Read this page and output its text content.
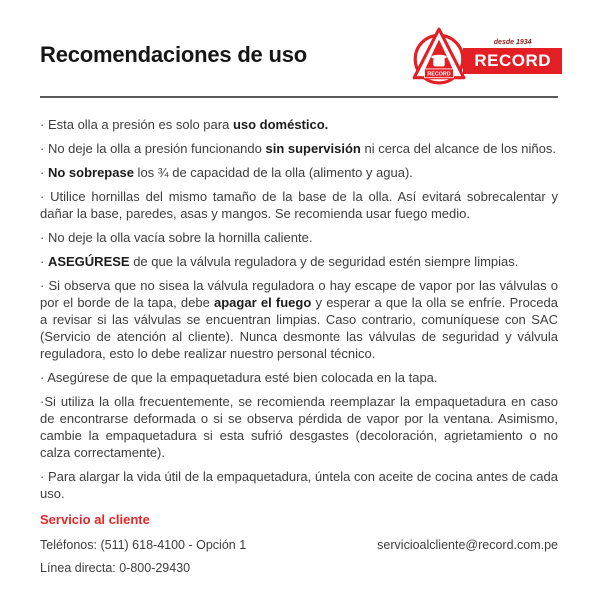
Recomendaciones de uso
RECORD
desde 1934
RECORD

· Esta olla a presión es solo para uso doméstico.

· No deje la olla a presión funcionando sin supervisión ni cerca del alcance de los niños.

· No sobrepase los ¾ de capacidad de la olla (alimento y agua).

· Utilice hornillas del mismo tamaño de la base de la olla. Así evitará sobrecalentar y dañar la base, paredes, asas y mangos. Se recomienda usar fuego medio.

· No deje la olla vacía sobre la hornilla caliente.

· ASEGÚRESE de que la válvula reguladora y de seguridad estén siempre limpias.

· Si observa que no sisea la válvula reguladora o hay escape de vapor por las válvulas o por el borde de la tapa, debe apagar el fuego y esperar a que la olla se enfríe. Proceda a revisar si las válvulas se encuentran limpias. Caso contrario, comuníquese con SAC (Servicio de atención al cliente). Nunca desmonte las válvulas de seguridad y válvula reguladora, esto lo debe realizar nuestro personal técnico.

· Asegúrese de que la empaquetadura esté bien colocada en la tapa.

·Si utiliza la olla frecuentemente, se recomienda reemplazar la empaquetadura en caso de encontrarse deformada o si se observa pérdida de vapor por la ventana. Asimismo, cambie la empaquetadura si esta sufrió desgastes (decoloración, agrietamiento o no calza correctamente).

· Para alargar la vida útil de la empaquetadura, úntela con aceite de cocina antes de cada uso.

Servicio al cliente
Teléfonos: (511) 618-4100 - Opción 1
Línea directa: 0-800-29430
servicioalcliente@record.com.pe
